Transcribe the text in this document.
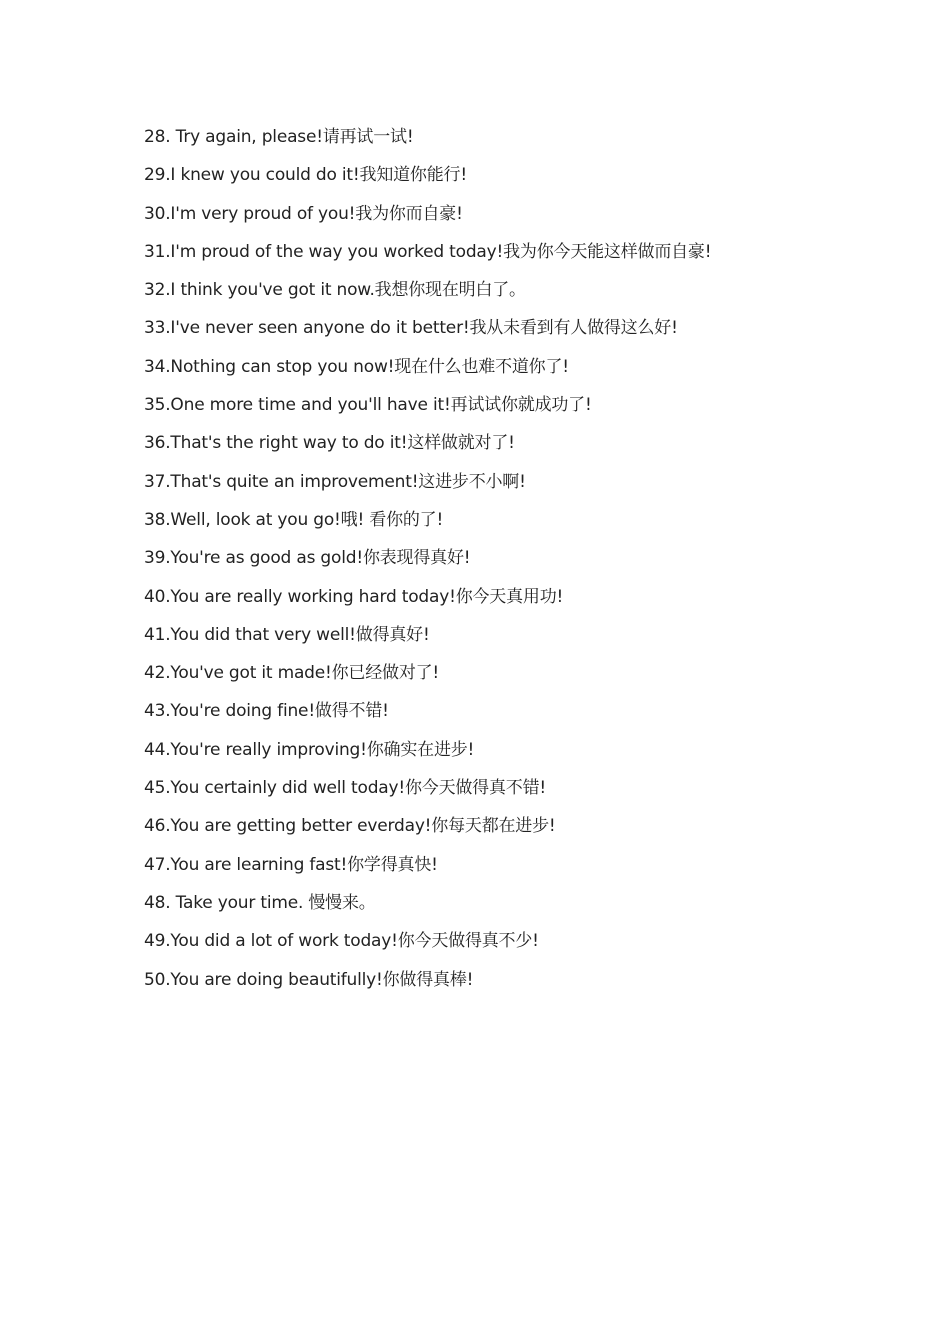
28. Try again, please!请再试一试!
29.I knew you could do it!我知道你能行!
30.I'm very proud of you!我为你而自豪!
31.I'm proud of the way you worked today!我为你今天能这样做而自豪!
32.I think you've got it now.我想你现在明白了。
33.I've never seen anyone do it better!我从未看到有人做得这么好!
34.Nothing can stop you now!现在什么也难不道你了!
35.One more time and you'll have it!再试试你就成功了!
36.That's the right way to do it!这样做就对了!
37.That's quite an improvement!这进步不小啊!
38.Well, look at you go!哦! 看你的了!
39.You're as good as gold!你表现得真好!
40.You are really working hard today!你今天真用功!
41.You did that very well!做得真好!
42.You've got it made!你已经做对了!
43.You're doing fine!做得不错!
44.You're really improving!你确实在进步!
45.You certainly did well today!你今天做得真不错!
46.You are getting better everday!你每天都在进步!
47.You are learning fast!你学得真快!
48. Take your time. 慢慢来。
49.You did a lot of work today!你今天做得真不少!
50.You are doing beautifully!你做得真棒!
